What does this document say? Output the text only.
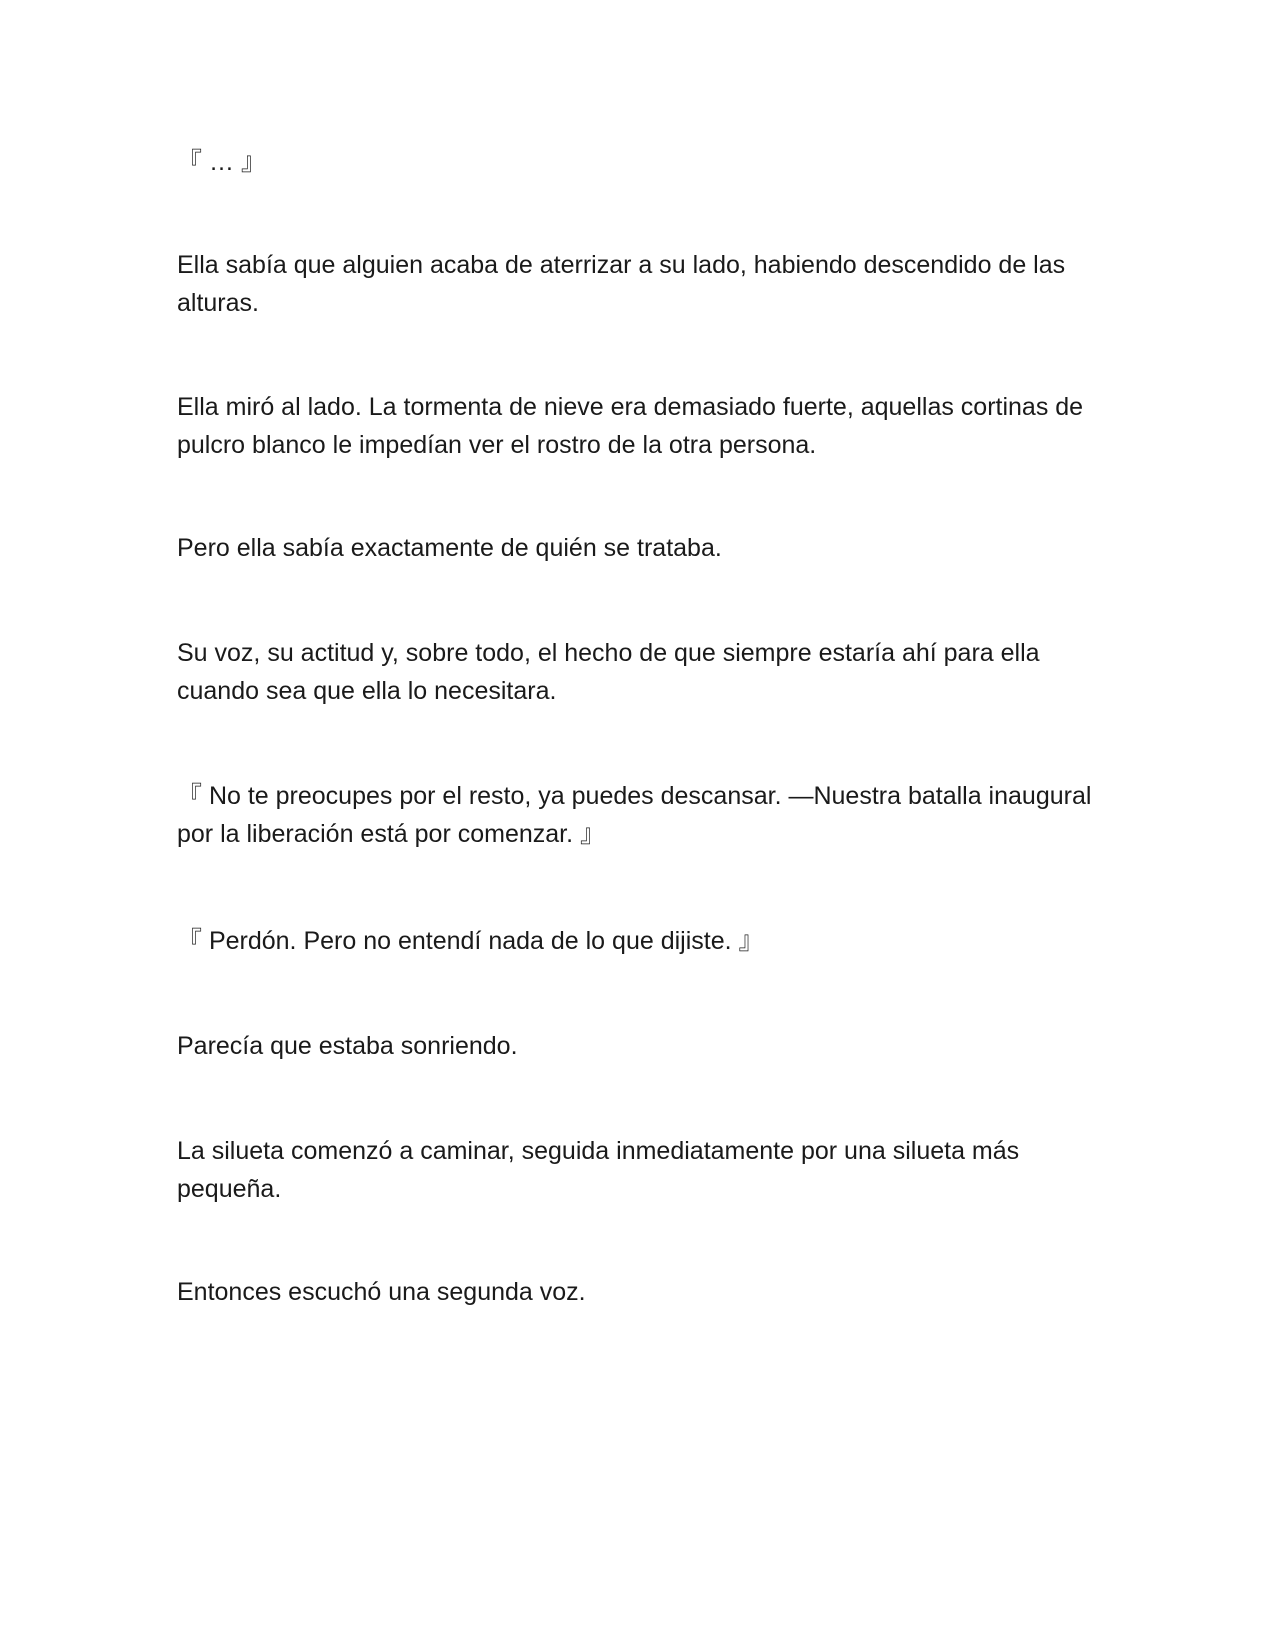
『 … 』

Ella sabía que alguien acaba de aterrizar a su lado, habiendo descendido de las alturas.

Ella miró al lado. La tormenta de nieve era demasiado fuerte, aquellas cortinas de pulcro blanco le impedían ver el rostro de la otra persona.

Pero ella sabía exactamente de quién se trataba.

Su voz, su actitud y, sobre todo, el hecho de que siempre estaría ahí para ella cuando sea que ella lo necesitara.

『 No te preocupes por el resto, ya puedes descansar. —Nuestra batalla inaugural por la liberación está por comenzar. 』

『 Perdón. Pero no entendí nada de lo que dijiste. 』

Parecía que estaba sonriendo.

La silueta comenzó a caminar, seguida inmediatamente por una silueta más pequeña.

Entonces escuchó una segunda voz.
